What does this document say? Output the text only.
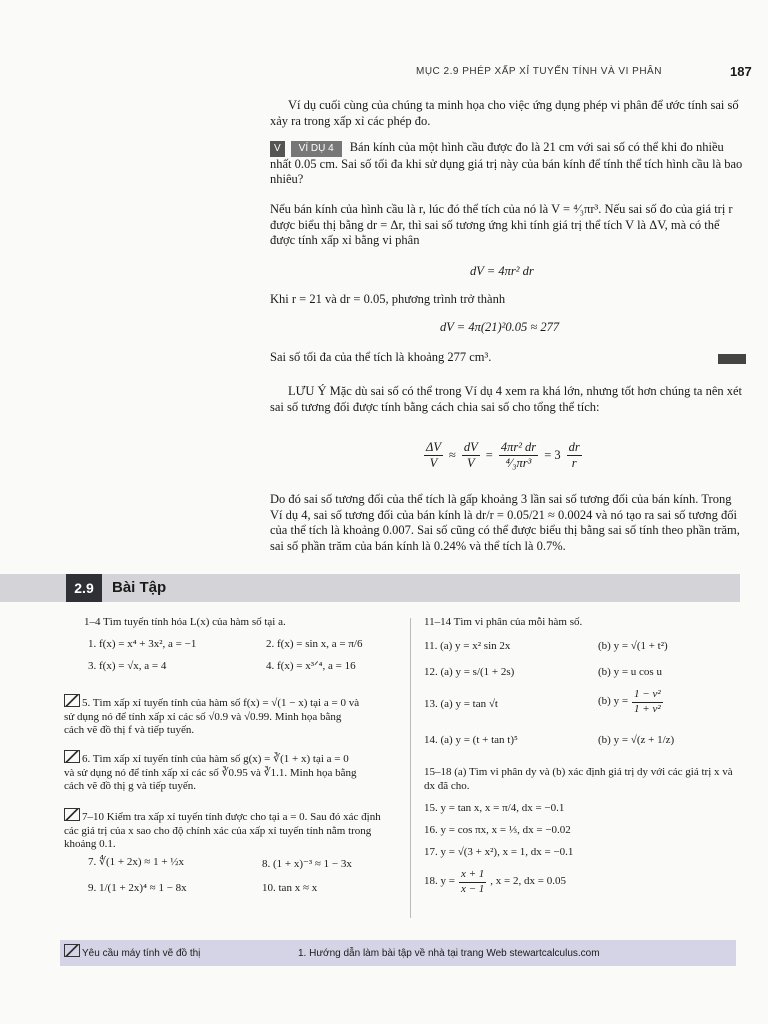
MỤC 2.9 PHÉP XẤP XỈ TUYẾN TÍNH VÀ VI PHÂN	187

Ví dụ cuối cùng của chúng ta minh họa cho việc ứng dụng phép vi phân để ước tính sai số xảy ra trong xấp xỉ các phép đo.

V VÍ DỤ 4 Bán kính của một hình cầu được đo là 21 cm với sai số có thể khi đo nhiều nhất 0.05 cm. Sai số tối đa khi sử dụng giá trị này của bán kính để tính thể tích hình cầu là bao nhiêu?

Nếu bán kính của hình cầu là r, lúc đó thể tích của nó là V = ⁴⁄₃πr³. Nếu sai số đo của giá trị r được biểu thị bằng dr = Δr, thì sai số tương ứng khi tính giá trị thể tích V là ΔV, mà có thể được tính xấp xỉ bằng vi phân

dV = 4πr² dr

Khi r = 21 và dr = 0.05, phương trình trở thành

dV = 4π(21)²0.05 ≈ 277

Sai số tối đa của thể tích là khoảng 277 cm³.

LƯU Ý Mặc dù sai số có thể trong Ví dụ 4 xem ra khá lớn, nhưng tốt hơn chúng ta nên xét sai số tương đối được tính bằng cách chia sai số cho tổng thể tích:

$\frac{\Delta V}{V} \approx \frac{dV}{V} = \frac{\text{4πr² dr}}{\text{⁴⁄₃πr³}} = 3 \frac{dr}{r}$

Do đó sai số tương đối của thể tích là gấp khoảng 3 lần sai số tương đối của bán kính. Trong Ví dụ 4, sai số tương đối của bán kính là dr/r = 0.05/21 ≈ 0.0024 và nó tạo ra sai số tương đối của thể tích là khoảng 0.007. Sai số cũng có thể được biểu thị bằng sai số tính theo phần trăm, sai số phần trăm của bán kính là 0.24% và thể tích là 0.7%.

2.9	Bài Tập
1–4 Tìm tuyến tính hóa L(x) của hàm số tại a.
1. f(x) = x⁴ + 3x², a = −1	2. f(x) = sin x, a = π/6
3. f(x) = √x, a = 4	4. f(x) = x³ᐟ⁴, a = 16
5. Tìm xấp xỉ tuyến tính của hàm số f(x) = √(1 − x) tại a = 0 và sử dụng nó để tính xấp xỉ các số √0.9 và √0.99. Minh họa bằng cách vẽ đồ thị f và tiếp tuyến.
6. Tìm xấp xỉ tuyến tính của hàm số g(x) = ∛(1 + x) tại a = 0 và sử dụng nó để tính xấp xỉ các số ∛0.95 và ∛1.1. Minh họa bằng cách vẽ đồ thị g và tiếp tuyến.
7–10 Kiểm tra xấp xỉ tuyến tính được cho tại a = 0. Sau đó xác định các giá trị của x sao cho độ chính xác của xấp xỉ tuyến tính nằm trong khoảng 0.1.
7. ∜(1 + 2x) ≈ 1 + ½x	8. (1 + x)⁻³ ≈ 1 − 3x
9. 1/(1 + 2x)⁴ ≈ 1 − 8x	10. tan x ≈ x
11–14 Tìm vi phân của mỗi hàm số.
11. (a) y = x² sin 2x	(b) y = √(1 + t²)
12. (a) y = s/(1 + 2s)	(b) y = u cos u
13. (a) y = tan √t	(b) $y = \frac{\text{1 − v²}}{\text{1 + v²}}$
14. (a) y = (t + tan t)⁵	(b) y = √(z + 1/z)
15–18 (a) Tìm vi phân dy và (b) xác định giá trị dy với các giá trị x và dx đã cho.
15. y = tan x, x = π/4, dx = −0.1
16. y = cos πx, x = ⅓, dx = −0.02
17. y = √(3 + x²), x = 1, dx = −0.1
18. $y = \frac{x + 1}{x - 1}$ , x = 2, dx = 0.05
Yêu cầu máy tính vẽ đồ thị	1. Hướng dẫn làm bài tập về nhà tại trang Web stewartcalculus.com
